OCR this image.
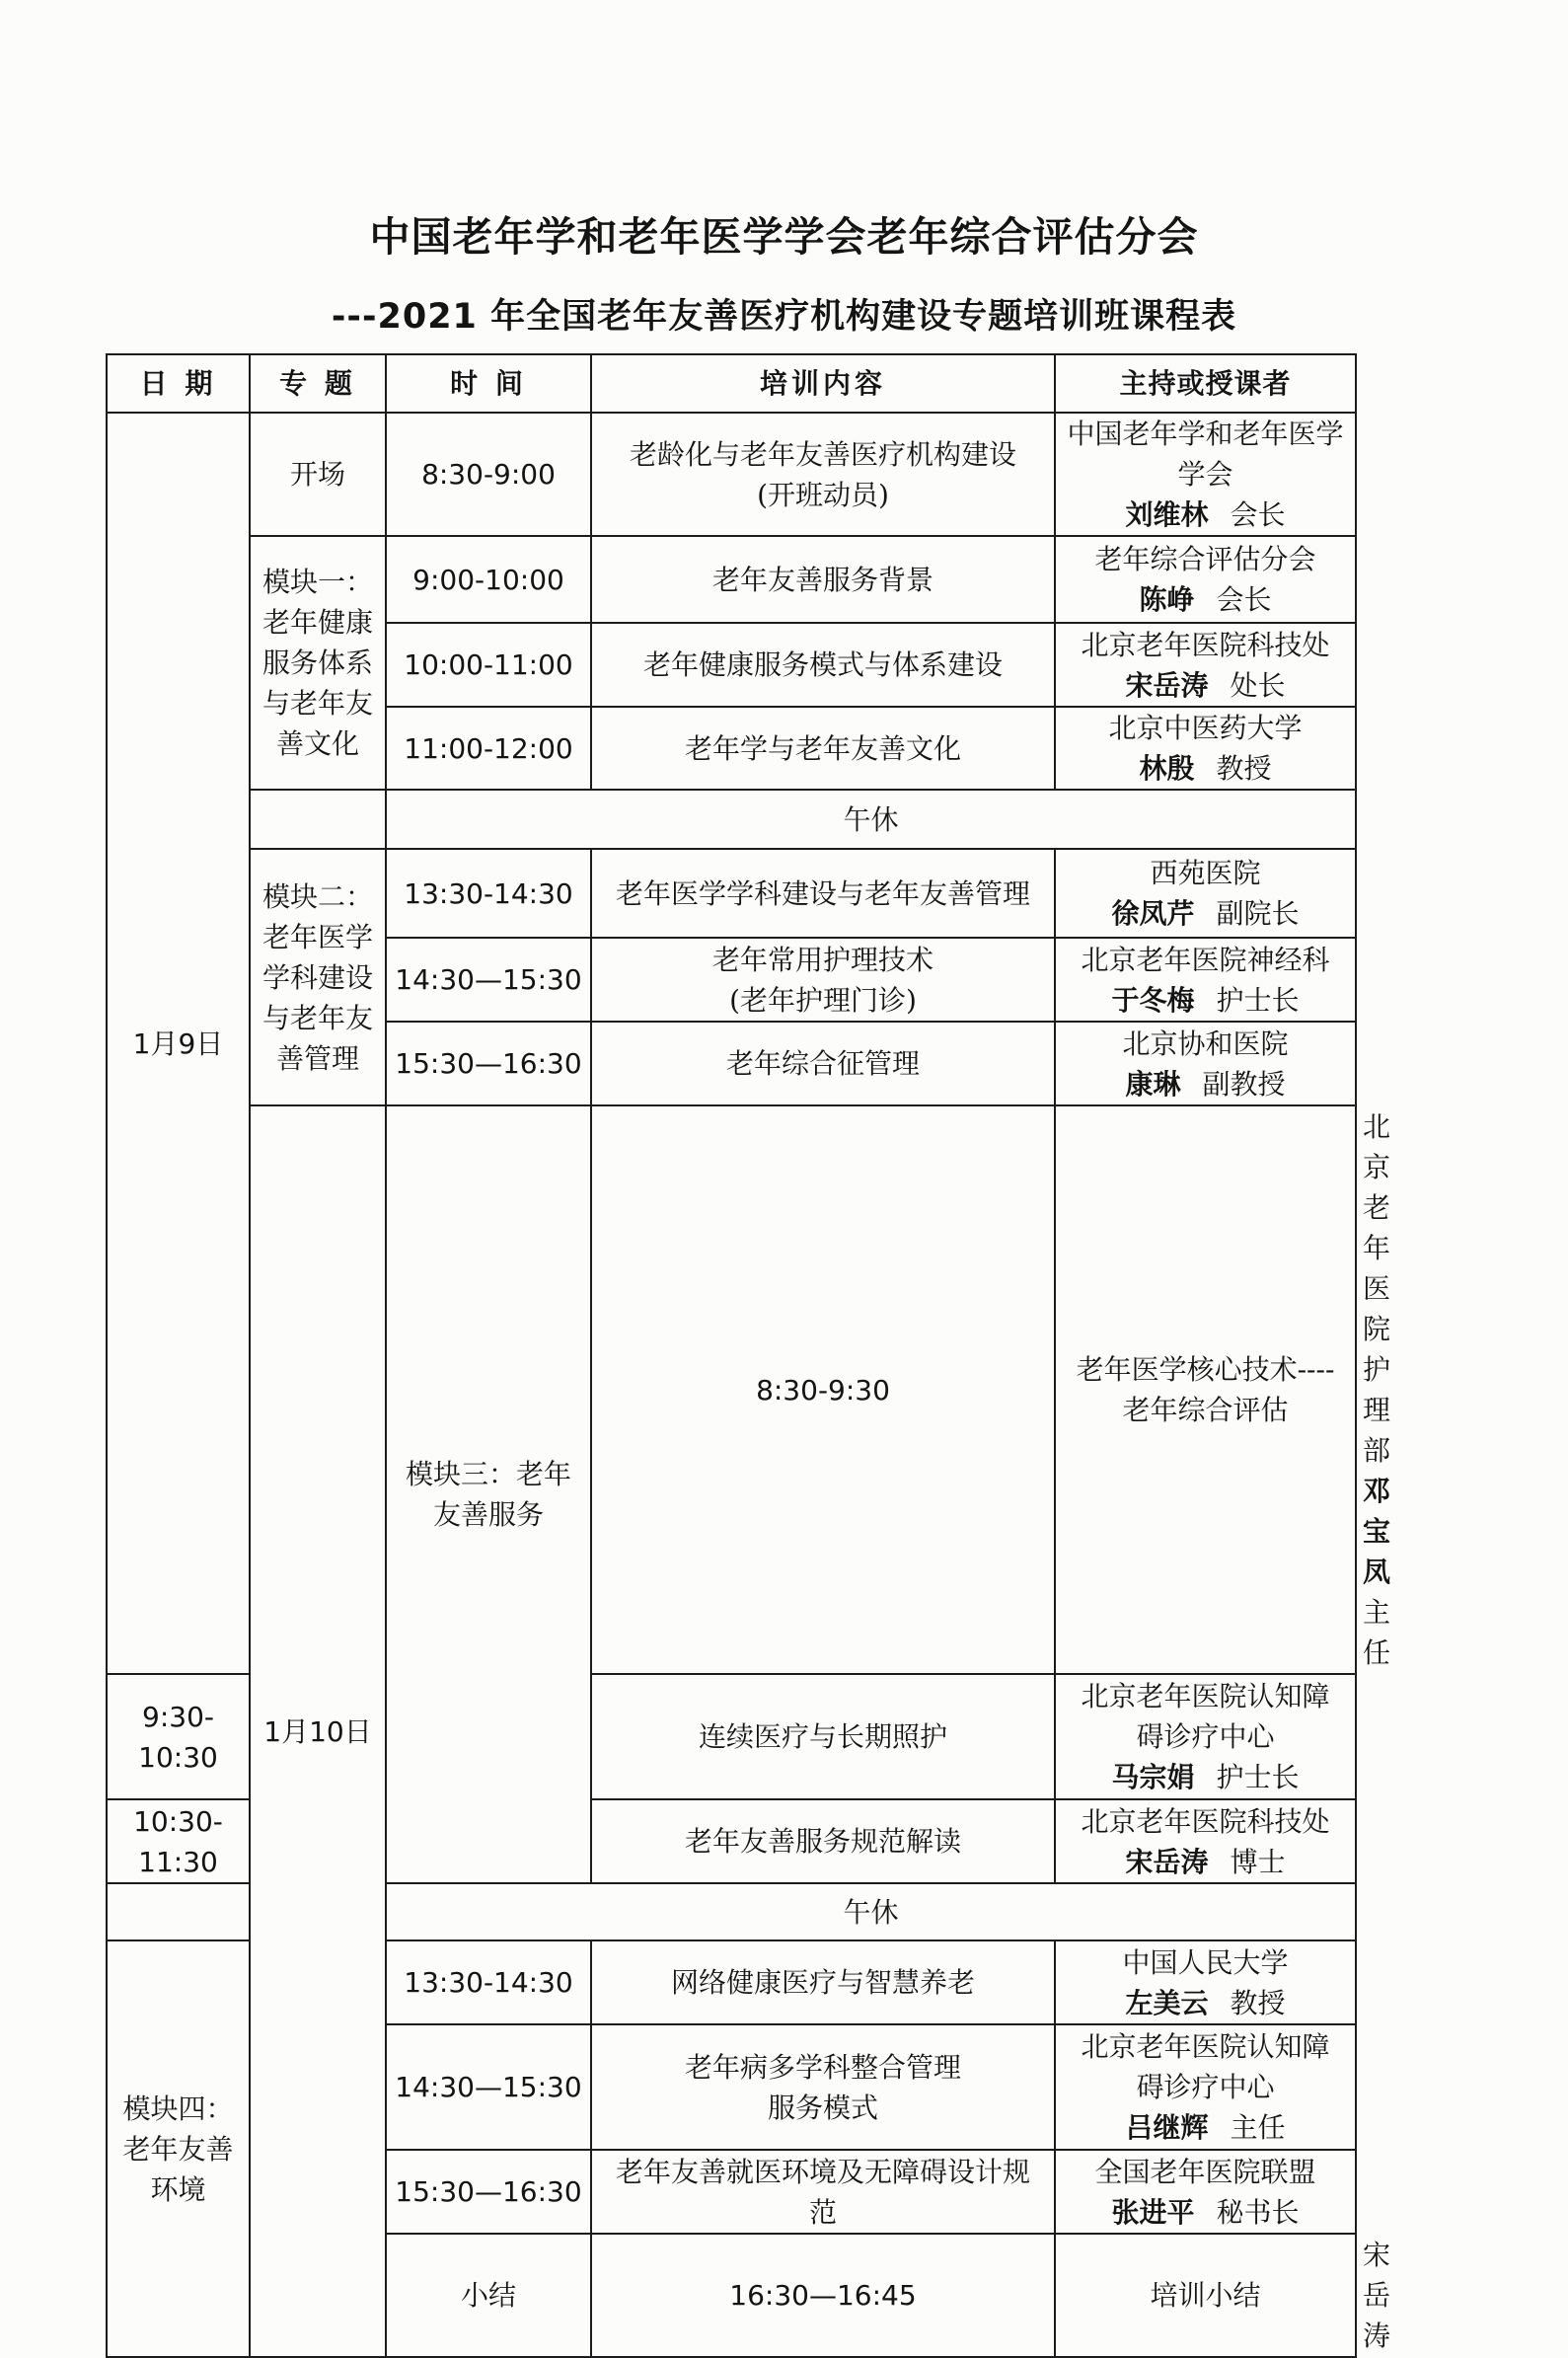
中国老年学和老年医学学会老年综合评估分会
---2021 年全国老年友善医疗机构建设专题培训班课程表
日 期	专 题	时 间	培训内容	主持或授课者	
1月9日	开场	8:30-9:00	老龄化与老年友善医疗机构建设(开班动员)	中国老年学和老年医学学会
刘维林 会长	

	模块一：老年健康服务体系与老年友善文化	9:00-10:00	老年友善服务背景	老年综合评估分会
陈峥 会长	

		10:00-11:00	老年健康服务模式与体系建设	北京老年医院科技处
宋岳涛 处长	

		11:00-12:00	老年学与老年友善文化	北京中医药大学
林殷 教授	

		午休			
	模块二：老年医学学科建设与老年友善管理	13:30-14:30	老年医学学科建设与老年友善管理	西苑医院
徐凤芹 副院长	

		14:30—15:30	老年常用护理技术
(老年护理门诊)	北京老年医院神经科
于冬梅 护士长	

		15:30—16:30	老年综合征管理	北京协和医院
康琳 副教授	

	1月10日	模块三：老年友善服务	8:30-9:30	老年医学核心技术----
老年综合评估	北京老年医院护理部
邓宝凤主任

9:30-10:30			连续医疗与长期照护	北京老年医院认知障碍诊疗中心
马宗娟 护士长	

10:30-11:30			老年友善服务规范解读	北京老年医院科技处
宋岳涛 博士	

		午休			
模块四：老年友善环境		13:30-14:30	网络健康医疗与智慧养老	中国人民大学
左美云 教授	

		14:30—15:30	老年病多学科整合管理
服务模式	北京老年医院认知障碍诊疗中心
吕继辉 主任	

		15:30—16:30	老年友善就医环境及无障碍设计规范	全国老年医院联盟
张进平 秘书长	

		小结	16:30—16:45	培训小结	宋岳涛
